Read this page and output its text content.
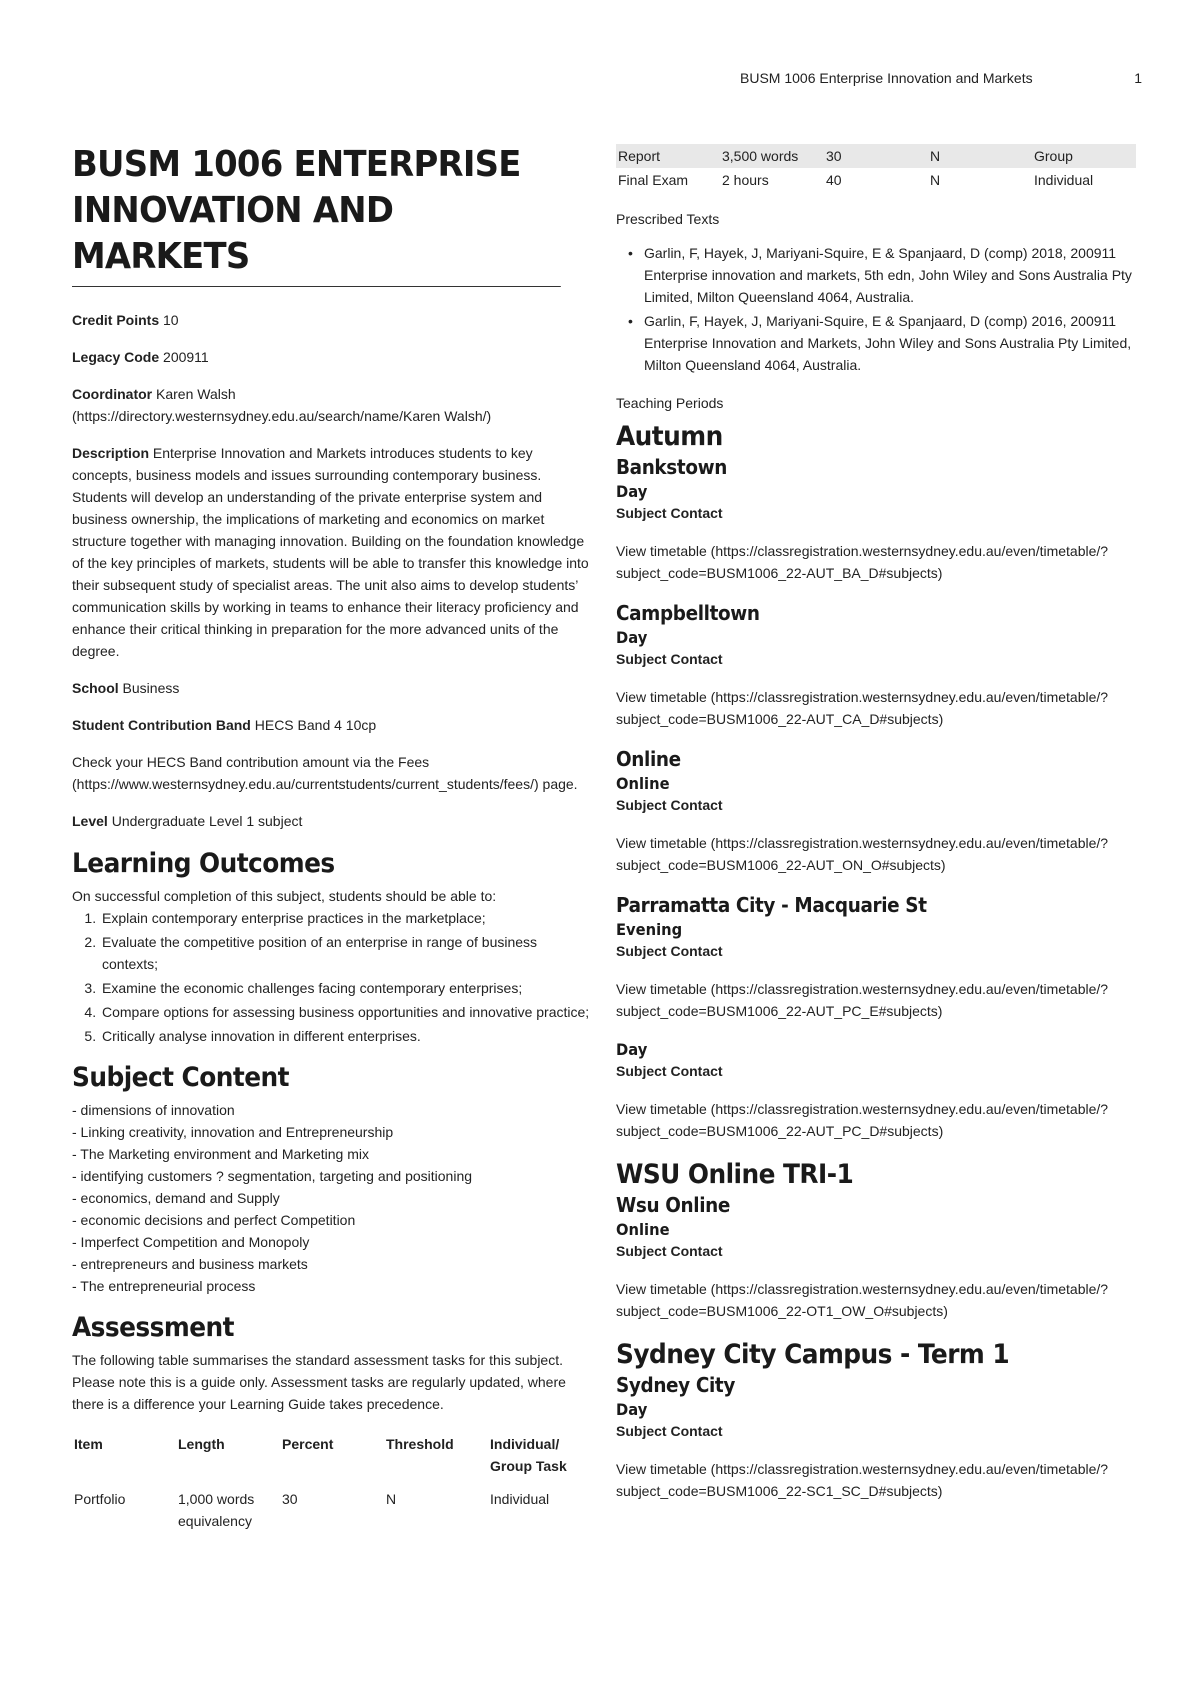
BUSM 1006 Enterprise Innovation and Markets	1
BUSM 1006 ENTERPRISE INNOVATION AND MARKETS

Credit Points 10

Legacy Code 200911

Coordinator Karen Walsh (https://directory.westernsydney.edu.au/search/name/Karen Walsh/)

Description Enterprise Innovation and Markets introduces students to key concepts, business models and issues surrounding contemporary business. Students will develop an understanding of the private enterprise system and business ownership, the implications of marketing and economics on market structure together with managing innovation. Building on the foundation knowledge of the key principles of markets, students will be able to transfer this knowledge into their subsequent study of specialist areas. The unit also aims to develop students’ communication skills by working in teams to enhance their literacy proficiency and enhance their critical thinking in preparation for the more advanced units of the degree.

School Business

Student Contribution Band HECS Band 4 10cp

Check your HECS Band contribution amount via the Fees (https://www.westernsydney.edu.au/currentstudents/current_students/fees/) page.

Level Undergraduate Level 1 subject

Learning Outcomes

On successful completion of this subject, students should be able to:

1. Explain contemporary enterprise practices in the marketplace;
2. Evaluate the competitive position of an enterprise in range of business contexts;
3. Examine the economic challenges facing contemporary enterprises;
4. Compare options for assessing business opportunities and innovative practice;
5. Critically analyse innovation in different enterprises.
Subject Content
- dimensions of innovation
- Linking creativity, innovation and Entrepreneurship
- The Marketing environment and Marketing mix
- identifying customers ? segmentation, targeting and positioning
- economics, demand and Supply
- economic decisions and perfect Competition
- Imperfect Competition and Monopoly
- entrepreneurs and business markets
- The entrepreneurial process
Assessment

The following table summarises the standard assessment tasks for this subject. Please note this is a guide only. Assessment tasks are regularly updated, where there is a difference your Learning Guide takes precedence.

Item	Length	Percent	Threshold	Individual/ Group Task
Portfolio	1,000 words equivalency	30	N	Individual
Report	3,500 words	30	N	Group
Final Exam	2 hours	40	N	Individual

Prescribed Texts

• Garlin, F, Hayek, J, Mariyani-Squire, E & Spanjaard, D (comp) 2018, 200911 Enterprise innovation and markets, 5th edn, John Wiley and Sons Australia Pty Limited, Milton Queensland 4064, Australia.
• Garlin, F, Hayek, J, Mariyani-Squire, E & Spanjaard, D (comp) 2016, 200911 Enterprise Innovation and Markets, John Wiley and Sons Australia Pty Limited, Milton Queensland 4064, Australia.

Teaching Periods

Autumn
Bankstown
Day

Subject Contact

View timetable (https://classregistration.westernsydney.edu.au/even/timetable/?subject_code=BUSM1006_22-AUT_BA_D#subjects)

Campbelltown
Day

Subject Contact

View timetable (https://classregistration.westernsydney.edu.au/even/timetable/?subject_code=BUSM1006_22-AUT_CA_D#subjects)

Online
Online

Subject Contact

View timetable (https://classregistration.westernsydney.edu.au/even/timetable/?subject_code=BUSM1006_22-AUT_ON_O#subjects)

Parramatta City - Macquarie St
Evening

Subject Contact

View timetable (https://classregistration.westernsydney.edu.au/even/timetable/?subject_code=BUSM1006_22-AUT_PC_E#subjects)

Day

Subject Contact

View timetable (https://classregistration.westernsydney.edu.au/even/timetable/?subject_code=BUSM1006_22-AUT_PC_D#subjects)

WSU Online TRI-1
Wsu Online
Online

Subject Contact

View timetable (https://classregistration.westernsydney.edu.au/even/timetable/?subject_code=BUSM1006_22-OT1_OW_O#subjects)

Sydney City Campus - Term 1
Sydney City
Day

Subject Contact

View timetable (https://classregistration.westernsydney.edu.au/even/timetable/?subject_code=BUSM1006_22-SC1_SC_D#subjects)
